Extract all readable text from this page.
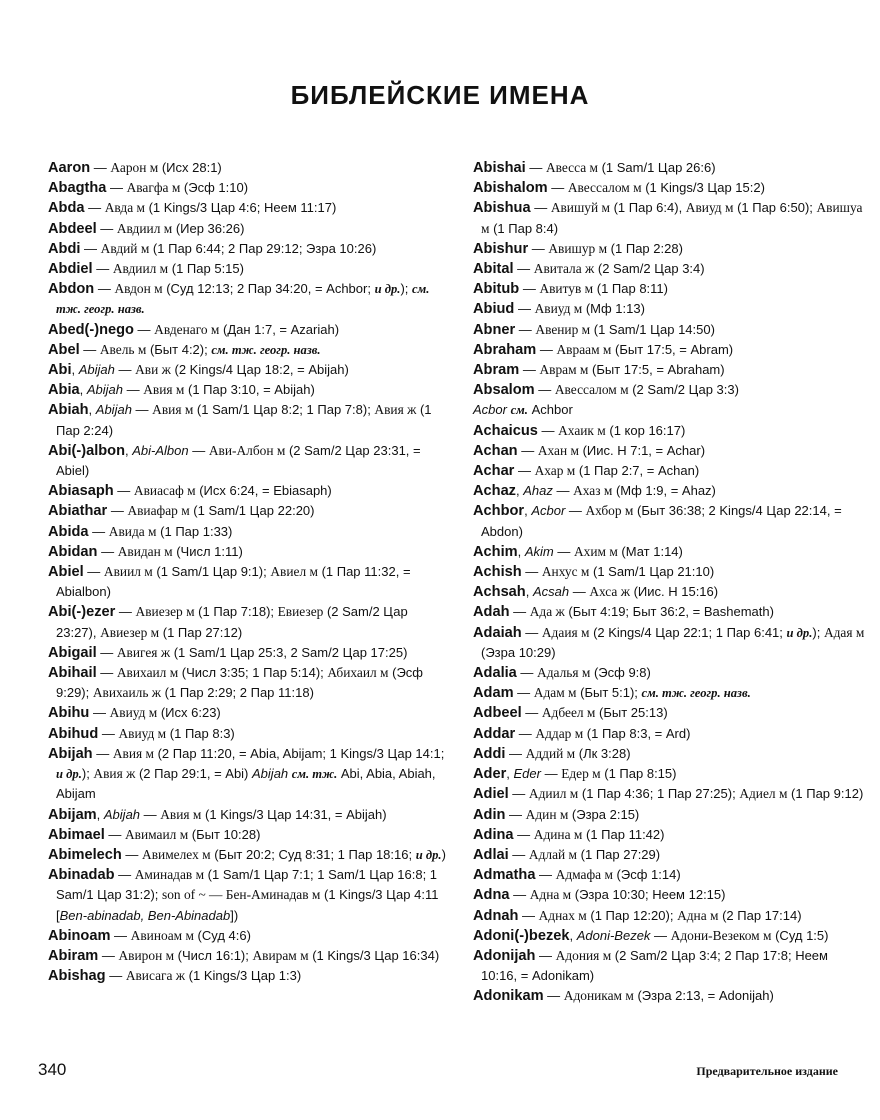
БИБЛЕЙСКИЕ ИМЕНА
Aaron — Аарон м (Исх 28:1)
Abagtha — Авагфа м (Эсф 1:10)
Abda — Авда м (1 Kings/3 Цар 4:6; Неем 11:17)
Abdeel — Авдиил м (Иер 36:26)
Abdi — Авдий м (1 Пар 6:44; 2 Пар 29:12; Эзра 10:26)
Abdiel — Авдиил м (1 Пар 5:15)
Abdon — Авдон м (Суд 12:13; 2 Пар 34:20, = Achbor; и др.); см. тж. геогр. назв.
Abed(-)nego — Авденаго м (Дан 1:7, = Azariah)
Abel — Авель м (Быт 4:2); см. тж. геогр. назв.
Abi, Abijah — Ави ж (2 Kings/4 Цар 18:2, = Abijah)
Abia, Abijah — Авия м (1 Пар 3:10, = Abijah)
Abiah, Abijah — Авия м (1 Sam/1 Цар 8:2; 1 Пар 7:8); Авия ж (1 Пар 2:24)
Abi(-)albon, Abi-Albon — Ави-Албон м (2 Sam/2 Цар 23:31, = Abiel)
Abiasaph — Авиасаф м (Исх 6:24, = Ebiasaph)
Abiathar — Авиафар м (1 Sam/1 Цар 22:20)
Abida — Авида м (1 Пар 1:33)
Abidan — Авидан м (Числ 1:11)
Abiel — Авиил м (1 Sam/1 Цар 9:1); Авиел м (1 Пар 11:32, = Abialbon)
Abi(-)ezer — Авиезер м (1 Пар 7:18); Евиезер (2 Sam/2 Цар 23:27), Авиезер м (1 Пар 27:12)
Abigail — Авигея ж (1 Sam/1 Цар 25:3, 2 Sam/2 Цар 17:25)
Abihail — Авихаил м (Числ 3:35; 1 Пар 5:14); Абихаил м (Эсф 9:29); Авихаиль ж (1 Пар 2:29; 2 Пар 11:18)
Abihu — Авиуд м (Исх 6:23)
Abihud — Авиуд м (1 Пар 8:3)
Abijah — Авия м (2 Пар 11:20, = Abia, Abijam; 1 Kings/3 Цар 14:1; и др.); Авия ж (2 Пар 29:1, = Abi) Abijah см. тж. Abi, Abia, Abiah, Abijam
Abijam, Abijah — Авия м (1 Kings/3 Цар 14:31, = Abijah)
Abimael — Авимаил м (Быт 10:28)
Abimelech — Авимелех м (Быт 20:2; Суд 8:31; 1 Пар 18:16; и др.)
Abinadab — Аминадав м (1 Sam/1 Цар 7:1; 1 Sam/1 Цар 16:8; 1 Sam/1 Цар 31:2); son of ~ — Бен-Аминадав м (1 Kings/3 Цар 4:11 [Ben-abinadab, Ben-Abinadab])
Abinoam — Авиноам м (Суд 4:6)
Abiram — Авирон м (Числ 16:1); Авирам м (1 Kings/3 Цар 16:34)
Abishag — Ависага ж (1 Kings/3 Цар 1:3)
Abishai — Авесса м (1 Sam/1 Цар 26:6)
Abishalom — Авессалом м (1 Kings/3 Цар 15:2)
Abishua — Авишуй м (1 Пар 6:4), Авиуд м (1 Пар 6:50); Авишуа м (1 Пар 8:4)
Abishur — Авишур м (1 Пар 2:28)
Abital — Авитала ж (2 Sam/2 Цар 3:4)
Abitub — Авитув м (1 Пар 8:11)
Abiud — Авиуд м (Мф 1:13)
Abner — Авенир м (1 Sam/1 Цар 14:50)
Abraham — Авраам м (Быт 17:5, = Abram)
Abram — Аврам м (Быт 17:5, = Abraham)
Absalom — Авессалом м (2 Sam/2 Цар 3:3)
Acbor см. Achbor
Achaicus — Ахаик м (1 кор 16:17)
Achan — Ахан м (Иис. Н 7:1, = Achar)
Achar — Ахар м (1 Пар 2:7, = Achan)
Achaz, Ahaz — Ахаз м (Мф 1:9, = Ahaz)
Achbor, Acbor — Ахбор м (Быт 36:38; 2 Kings/4 Цар 22:14, = Abdon)
Achim, Akim — Ахим м (Мат 1:14)
Achish — Анхус м (1 Sam/1 Цар 21:10)
Achsah, Acsah — Ахса ж (Иис. Н 15:16)
Adah — Ада ж (Быт 4:19; Быт 36:2, = Bashemath)
Adaiah — Адаия м (2 Kings/4 Цар 22:1; 1 Пар 6:41; и др.); Адая м (Эзра 10:29)
Adalia — Адалья м (Эсф 9:8)
Adam — Адам м (Быт 5:1); см. тж. геогр. назв.
Adbeel — Адбеел м (Быт 25:13)
Addar — Аддар м (1 Пар 8:3, = Ard)
Addi — Аддий м (Лк 3:28)
Ader, Eder — Едер м (1 Пар 8:15)
Adiel — Адиил м (1 Пар 4:36; 1 Пар 27:25); Адиел м (1 Пар 9:12)
Adin — Адин м (Эзра 2:15)
Adina — Адина м (1 Пар 11:42)
Adlai — Адлай м (1 Пар 27:29)
Admatha — Адмафа м (Эсф 1:14)
Adna — Адна м (Эзра 10:30; Неем 12:15)
Adnah — Аднах м (1 Пар 12:20); Адна м (2 Пар 17:14)
Adoni(-)bezek, Adoni-Bezek — Адони-Везеком м (Суд 1:5)
Adonijah — Адония м (2 Sam/2 Цар 3:4; 2 Пар 17:8; Неем 10:16, = Adonikam)
Adonikam — Адоникам м (Эзра 2:13, = Adonijah)
340	Предварительное издание
